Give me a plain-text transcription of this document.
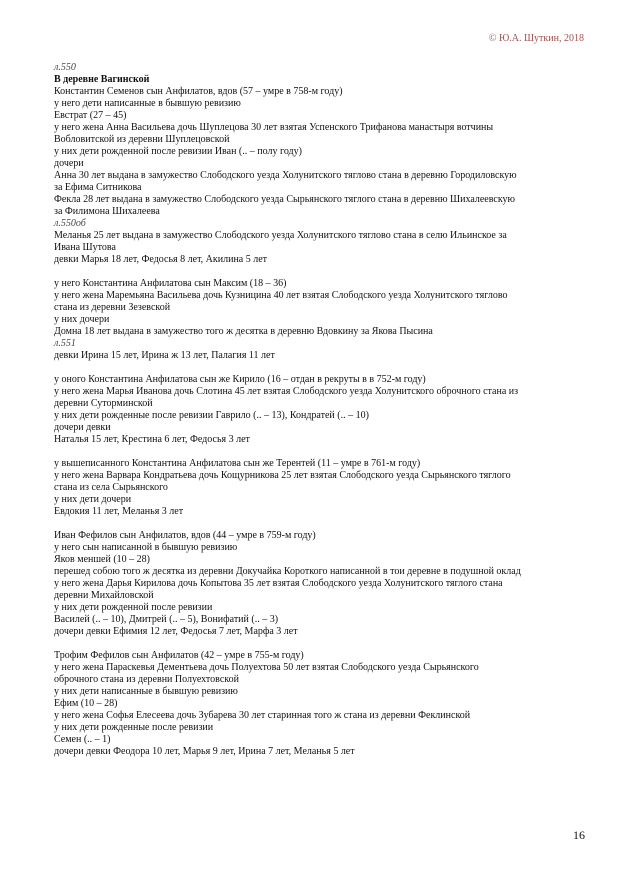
© Ю.А. Шуткин, 2018
л.550
В деревне Вагинской
Константин Семенов сын Анфилатов, вдов (57 – умре в 758-м году)
у него дети написанные в бывшую ревизию
Евстрат (27 – 45)
у него жена Анна Васильева дочь Шуплецова 30 лет взятая Успенского Трифанова манастыря вотчины
Вобловитской из деревни Шуплецовской
у них дети рожденной после ревизии Иван (.. – полу году)
дочери
Анна 30 лет выдана в замужество Слободского уезда Холунитского тяглово стана в деревню Городиловскую
за Ефима Ситникова
Фекла 28 лет выдана в замужество Слободского уезда Сырьянского тяглого стана в деревню Шихалеевскую
за Филимона Шихалеева
л.550об
Меланья 25 лет выдана в замужество Слободского уезда Холунитского тяглово стана в селю Ильинское за
Ивана Шутова
девки Марья 18 лет, Федосья 8 лет, Акилина 5 лет
у него Константина Анфилатова сын Максим (18 – 36)
у него жена Маремьяна Васильева дочь Кузницина 40 лет взятая Слободского уезда Холунитского тяглово
стана из деревни Зезевской
у них дочери
Домна 18 лет выдана в замужество того ж десятка в деревню Вдовкину за Якова Пысина
л.551
девки Ирина 15 лет, Ирина ж 13 лет, Палагия 11 лет
у оного Константина Анфилатова сын же Кирило (16 – отдан в рекруты в в 752-м году)
у него жена Марья Иванова дочь Слотина 45 лет взятая Слободского уезда Холунитского оброчного стана из
деревни Суторминской
у них дети рожденные после ревизии Гаврило (.. – 13), Кондратей (.. – 10)
дочери девки
Наталья 15 лет, Крестина 6 лет, Федосья 3 лет
у вышеписанного Константина Анфилатова сын же Терентей (11 – умре в 761-м году)
у него жена Варвара Кондратьева дочь Кощурникова 25 лет взятая Слободского уезда Сырьянского тяглого
стана из села Сырьянского
у них дети дочери
Евдокия 11 лет, Меланья 3 лет
Иван Фефилов сын Анфилатов, вдов (44 – умре в 759-м году)
у него сын написанной в бывшую ревизию
Яков меншей (10 – 28)
перешед собою того ж десятка из деревни Докучайка Короткого написанной в тои деревне в подушной оклад
у него жена Дарья Кирилова дочь Копытова 35 лет взятая Слободского уезда Холунитского тяглого стана
деревни Михайловской
у них дети рожденной после ревизии
Василей (.. – 10), Дмитрей (.. – 5), Вонифатий (.. – 3)
дочери девки Ефимия 12 лет, Федосья 7 лет, Марфа 3 лет
Трофим Фефилов сын Анфилатов (42 – умре в 755-м году)
у него жена Параскевья Дементьева дочь Полуехтова 50 лет взятая Слободского уезда Сырьянского
оброчного стана из деревни Полуехтовской
у них дети написанные в бывшую ревизию
Ефим (10 – 28)
у него жена Софья Елесеева дочь Зубарева 30 лет старинная того ж стана из деревни Феклинской
у них дети рожденные после ревизии
Семен (.. – 1)
дочери девки Феодора 10 лет, Марья 9 лет, Ирина 7 лет, Меланья 5 лет
16
